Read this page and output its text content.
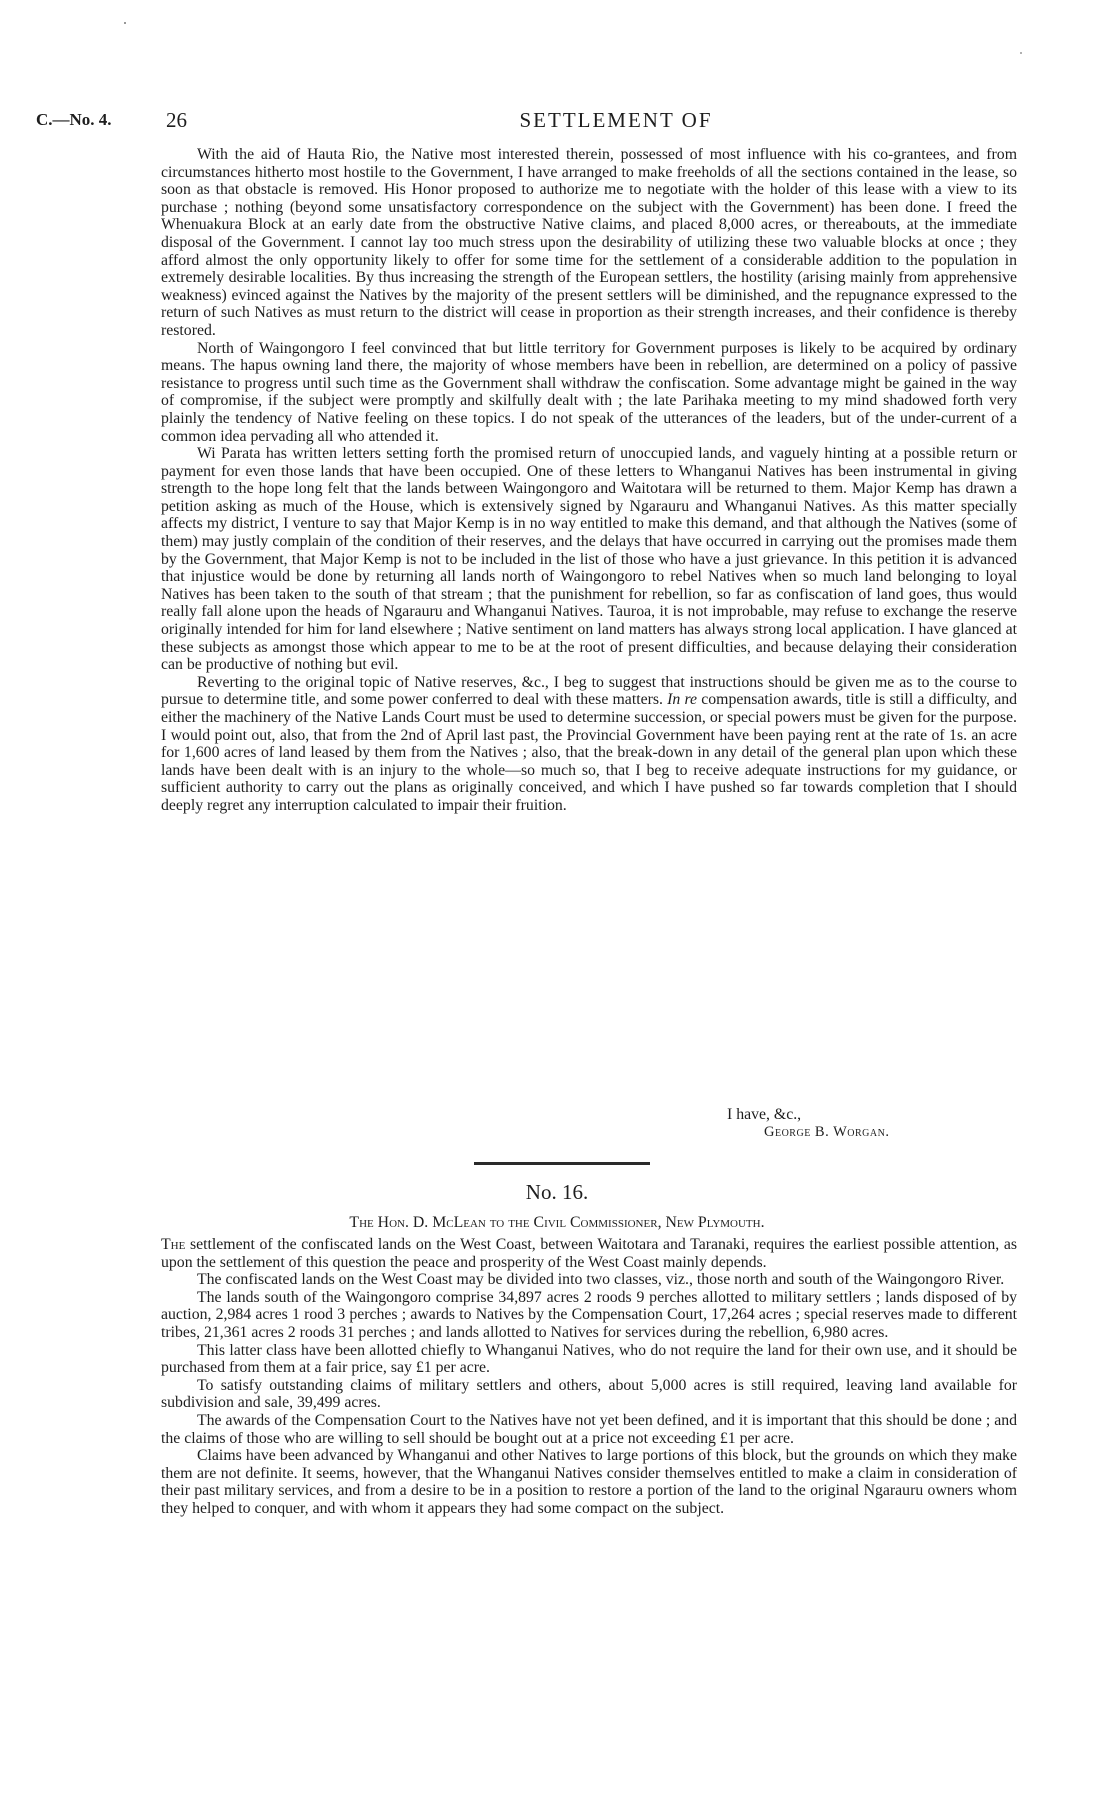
C.—No. 4.	26	SETTLEMENT OF

With the aid of Hauta Rio, the Native most interested therein, possessed of most influence with his co-grantees, and from circumstances hitherto most hostile to the Government, I have arranged to make freeholds of all the sections contained in the lease, so soon as that obstacle is removed. His Honor proposed to authorize me to negotiate with the holder of this lease with a view to its purchase ; nothing (beyond some unsatisfactory correspondence on the subject with the Government) has been done. I freed the Whenuakura Block at an early date from the obstructive Native claims, and placed 8,000 acres, or thereabouts, at the immediate disposal of the Government. I cannot lay too much stress upon the desirability of utilizing these two valuable blocks at once ; they afford almost the only opportunity likely to offer for some time for the settlement of a considerable addition to the population in extremely desirable localities. By thus increasing the strength of the European settlers, the hostility (arising mainly from apprehensive weakness) evinced against the Natives by the majority of the present settlers will be diminished, and the repugnance expressed to the return of such Natives as must return to the district will cease in proportion as their strength increases, and their confidence is thereby restored.

North of Waingongoro I feel convinced that but little territory for Government purposes is likely to be acquired by ordinary means. The hapus owning land there, the majority of whose members have been in rebellion, are determined on a policy of passive resistance to progress until such time as the Government shall withdraw the confiscation. Some advantage might be gained in the way of compromise, if the subject were promptly and skilfully dealt with ; the late Parihaka meeting to my mind shadowed forth very plainly the tendency of Native feeling on these topics. I do not speak of the utterances of the leaders, but of the under-current of a common idea pervading all who attended it.

Wi Parata has written letters setting forth the promised return of unoccupied lands, and vaguely hinting at a possible return or payment for even those lands that have been occupied. One of these letters to Whanganui Natives has been instrumental in giving strength to the hope long felt that the lands between Waingongoro and Waitotara will be returned to them. Major Kemp has drawn a petition asking as much of the House, which is extensively signed by Ngarauru and Whanganui Natives. As this matter specially affects my district, I venture to say that Major Kemp is in no way entitled to make this demand, and that although the Natives (some of them) may justly complain of the condition of their reserves, and the delays that have occurred in carrying out the promises made them by the Government, that Major Kemp is not to be included in the list of those who have a just grievance. In this petition it is advanced that injustice would be done by returning all lands north of Waingongoro to rebel Natives when so much land belonging to loyal Natives has been taken to the south of that stream ; that the punishment for rebellion, so far as confiscation of land goes, thus would really fall alone upon the heads of Ngarauru and Whanganui Natives. Tauroa, it is not improbable, may refuse to exchange the reserve originally intended for him for land elsewhere ; Native sentiment on land matters has always strong local application. I have glanced at these subjects as amongst those which appear to me to be at the root of present difficulties, and because delaying their consideration can be productive of nothing but evil.

Reverting to the original topic of Native reserves, &c., I beg to suggest that instructions should be given me as to the course to pursue to determine title, and some power conferred to deal with these matters. In re compensation awards, title is still a difficulty, and either the machinery of the Native Lands Court must be used to determine succession, or special powers must be given for the purpose. I would point out, also, that from the 2nd of April last past, the Provincial Government have been paying rent at the rate of 1s. an acre for 1,600 acres of land leased by them from the Natives ; also, that the break-down in any detail of the general plan upon which these lands have been dealt with is an injury to the whole—so much so, that I beg to receive adequate instructions for my guidance, or sufficient authority to carry out the plans as originally conceived, and which I have pushed so far towards completion that I should deeply regret any interruption calculated to impair their fruition.

I have, &c.,
George B. Worgan.
No. 16.
The Hon. D. McLean to the Civil Commissioner, New Plymouth.

The settlement of the confiscated lands on the West Coast, between Waitotara and Taranaki, requires the earliest possible attention, as upon the settlement of this question the peace and prosperity of the West Coast mainly depends.

The confiscated lands on the West Coast may be divided into two classes, viz., those north and south of the Waingongoro River.

The lands south of the Waingongoro comprise 34,897 acres 2 roods 9 perches allotted to military settlers ; lands disposed of by auction, 2,984 acres 1 rood 3 perches ; awards to Natives by the Compensation Court, 17,264 acres ; special reserves made to different tribes, 21,361 acres 2 roods 31 perches ; and lands allotted to Natives for services during the rebellion, 6,980 acres.

This latter class have been allotted chiefly to Whanganui Natives, who do not require the land for their own use, and it should be purchased from them at a fair price, say £1 per acre.

To satisfy outstanding claims of military settlers and others, about 5,000 acres is still required, leaving land available for subdivision and sale, 39,499 acres.

The awards of the Compensation Court to the Natives have not yet been defined, and it is important that this should be done ; and the claims of those who are willing to sell should be bought out at a price not exceeding £1 per acre.

Claims have been advanced by Whanganui and other Natives to large portions of this block, but the grounds on which they make them are not definite. It seems, however, that the Whanganui Natives consider themselves entitled to make a claim in consideration of their past military services, and from a desire to be in a position to restore a portion of the land to the original Ngarauru owners whom they helped to conquer, and with whom it appears they had some compact on the subject.
